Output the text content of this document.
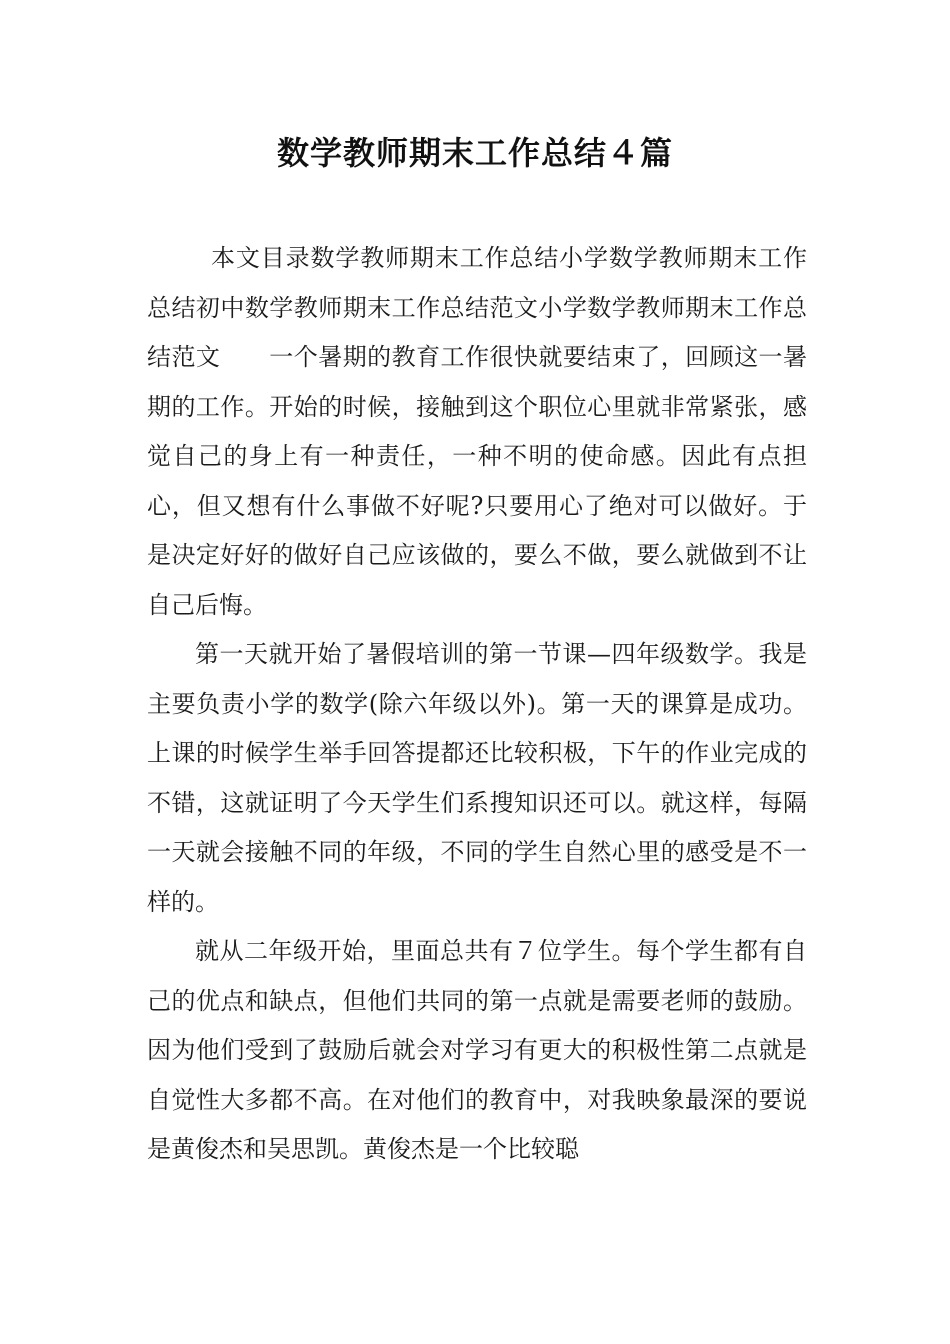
数学教师期末工作总结４篇

本文目录数学教师期末工作总结小学数学教师期末工作总结初中数学教师期末工作总结范文小学数学教师期末工作总结范文　　一个暑期的教育工作很快就要结束了，回顾这一暑期的工作。开始的时候，接触到这个职位心里就非常紧张，感觉自己的身上有一种责任，一种不明的使命感。因此有点担心，但又想有什么事做不好呢?只要用心了绝对可以做好。于是决定好好的做好自己应该做的，要么不做，要么就做到不让自己后悔。

第一天就开始了暑假培训的第一节课—四年级数学。我是主要负责小学的数学(除六年级以外)。第一天的课算是成功。上课的时候学生举手回答提都还比较积极，下午的作业完成的不错，这就证明了今天学生们系搜知识还可以。就这样，每隔一天就会接触不同的年级，不同的学生自然心里的感受是不一样的。

就从二年级开始，里面总共有７位学生。每个学生都有自己的优点和缺点，但他们共同的第一点就是需要老师的鼓励。因为他们受到了鼓励后就会对学习有更大的积极性第二点就是自觉性大多都不高。在对他们的教育中，对我映象最深的要说是黄俊杰和吴思凯。黄俊杰是一个比较聪
